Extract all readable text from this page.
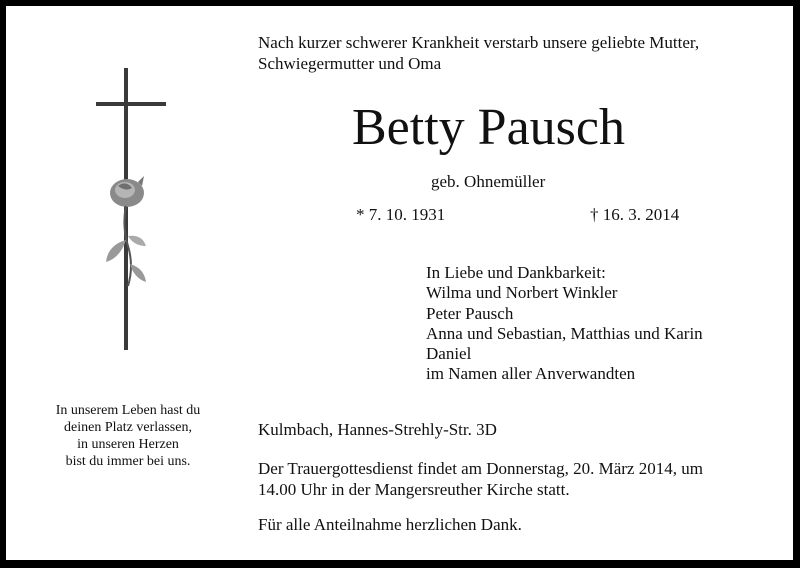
Nach kurzer schwerer Krankheit verstarb unsere geliebte Mutter,
Schwiegermutter und Oma
Betty Pausch
geb. Ohnemüller
* 7. 10. 1931	† 16. 3. 2014
In Liebe und Dankbarkeit:
Wilma und Norbert Winkler
Peter Pausch
Anna und Sebastian, Matthias und Karin
Daniel
im Namen aller Anverwandten
In unserem Leben hast du
deinen Platz verlassen,
in unseren Herzen
bist du immer bei uns.
Kulmbach, Hannes-Strehly-Str. 3D
Der Trauergottesdienst findet am Donnerstag, 20. März 2014, um
14.00 Uhr in der Mangersreuther Kirche statt.
Für alle Anteilnahme herzlichen Dank.
